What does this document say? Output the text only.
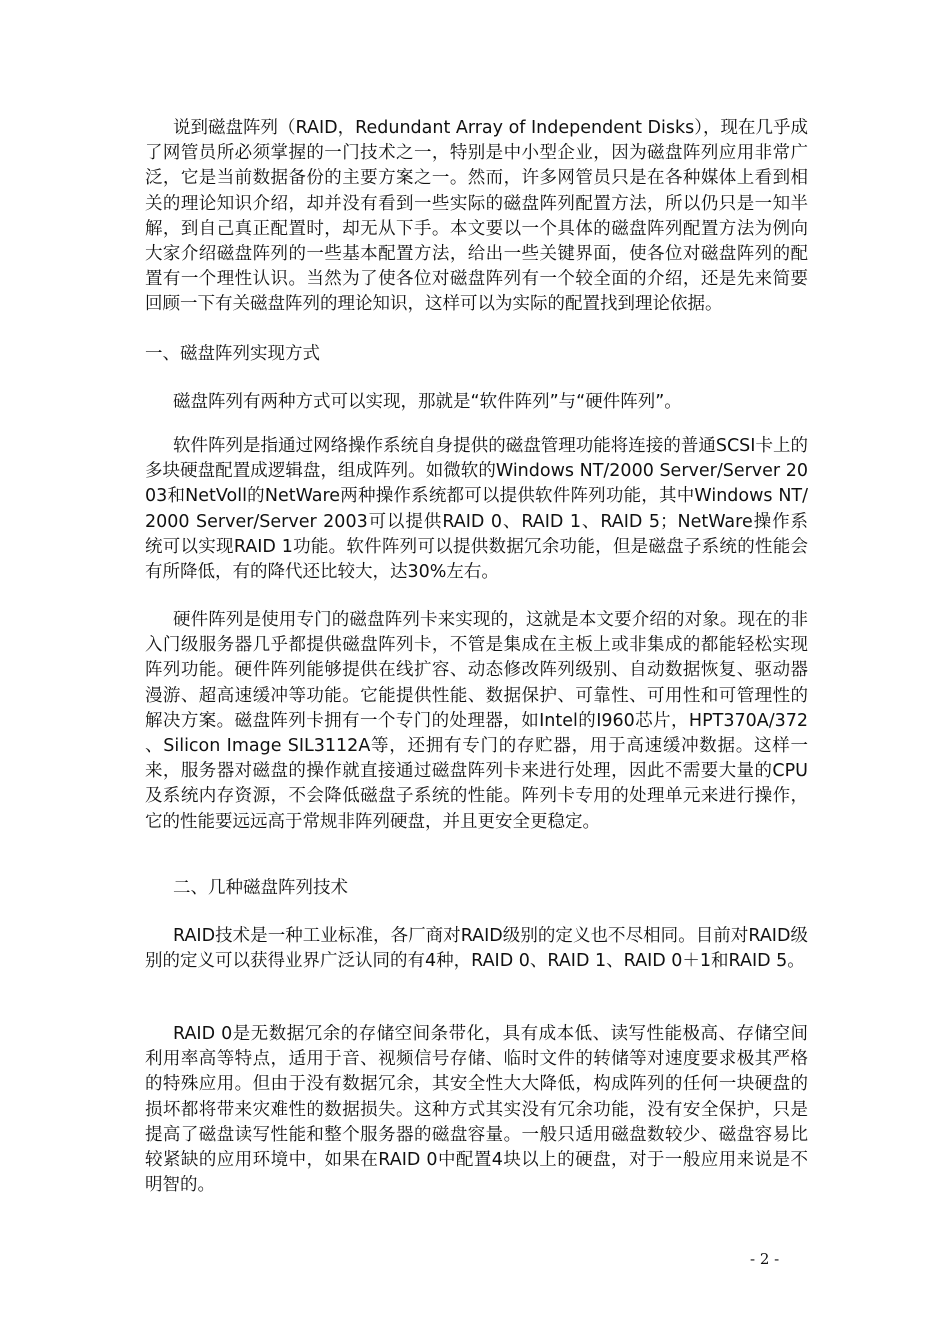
说到磁盘阵列（RAID，Redundant Array of Independent Disks），现在几乎成了网管员所必须掌握的一门技术之一，特别是中小型企业，因为磁盘阵列应用非常广泛，它是当前数据备份的主要方案之一。然而，许多网管员只是在各种媒体上看到相关的理论知识介绍，却并没有看到一些实际的磁盘阵列配置方法，所以仍只是一知半解，到自己真正配置时，却无从下手。本文要以一个具体的磁盘阵列配置方法为例向大家介绍磁盘阵列的一些基本配置方法，给出一些关键界面，使各位对磁盘阵列的配置有一个理性认识。当然为了使各位对磁盘阵列有一个较全面的介绍，还是先来简要回顾一下有关磁盘阵列的理论知识，这样可以为实际的配置找到理论依据。
一、磁盘阵列实现方式
磁盘阵列有两种方式可以实现，那就是“软件阵列”与“硬件阵列”。
软件阵列是指通过网络操作系统自身提供的磁盘管理功能将连接的普通SCSI卡上的多块硬盘配置成逻辑盘，组成阵列。如微软的Windows NT/2000 Server/Server 2003和NetVoll的NetWare两种操作系统都可以提供软件阵列功能，其中Windows NT/2000 Server/Server 2003可以提供RAID 0、RAID 1、RAID 5；NetWare操作系统可以实现RAID 1功能。软件阵列可以提供数据冗余功能，但是磁盘子系统的性能会有所降低，有的降代还比较大，达30%左右。
硬件阵列是使用专门的磁盘阵列卡来实现的，这就是本文要介绍的对象。现在的非入门级服务器几乎都提供磁盘阵列卡，不管是集成在主板上或非集成的都能轻松实现阵列功能。硬件阵列能够提供在线扩容、动态修改阵列级别、自动数据恢复、驱动器漫游、超高速缓冲等功能。它能提供性能、数据保护、可靠性、可用性和可管理性的解决方案。磁盘阵列卡拥有一个专门的处理器，如Intel的I960芯片，HPT370A/372 、Silicon Image SIL3112A等，还拥有专门的存贮器，用于高速缓冲数据。这样一来，服务器对磁盘的操作就直接通过磁盘阵列卡来进行处理，因此不需要大量的CPU及系统内存资源，不会降低磁盘子系统的性能。阵列卡专用的处理单元来进行操作，它的性能要远远高于常规非阵列硬盘，并且更安全更稳定。
二、几种磁盘阵列技术
RAID技术是一种工业标准，各厂商对RAID级别的定义也不尽相同。目前对RAID级别的定义可以获得业界广泛认同的有4种，RAID 0、RAID 1、RAID 0＋1和RAID 5。
RAID 0是无数据冗余的存储空间条带化，具有成本低、读写性能极高、存储空间利用率高等特点，适用于音、视频信号存储、临时文件的转储等对速度要求极其严格的特殊应用。但由于没有数据冗余，其安全性大大降低，构成阵列的任何一块硬盘的损坏都将带来灾难性的数据损失。这种方式其实没有冗余功能，没有安全保护，只是提高了磁盘读写性能和整个服务器的磁盘容量。一般只适用磁盘数较少、磁盘容易比较紧缺的应用环境中，如果在RAID 0中配置4块以上的硬盘，对于一般应用来说是不明智的。
- 2 -
